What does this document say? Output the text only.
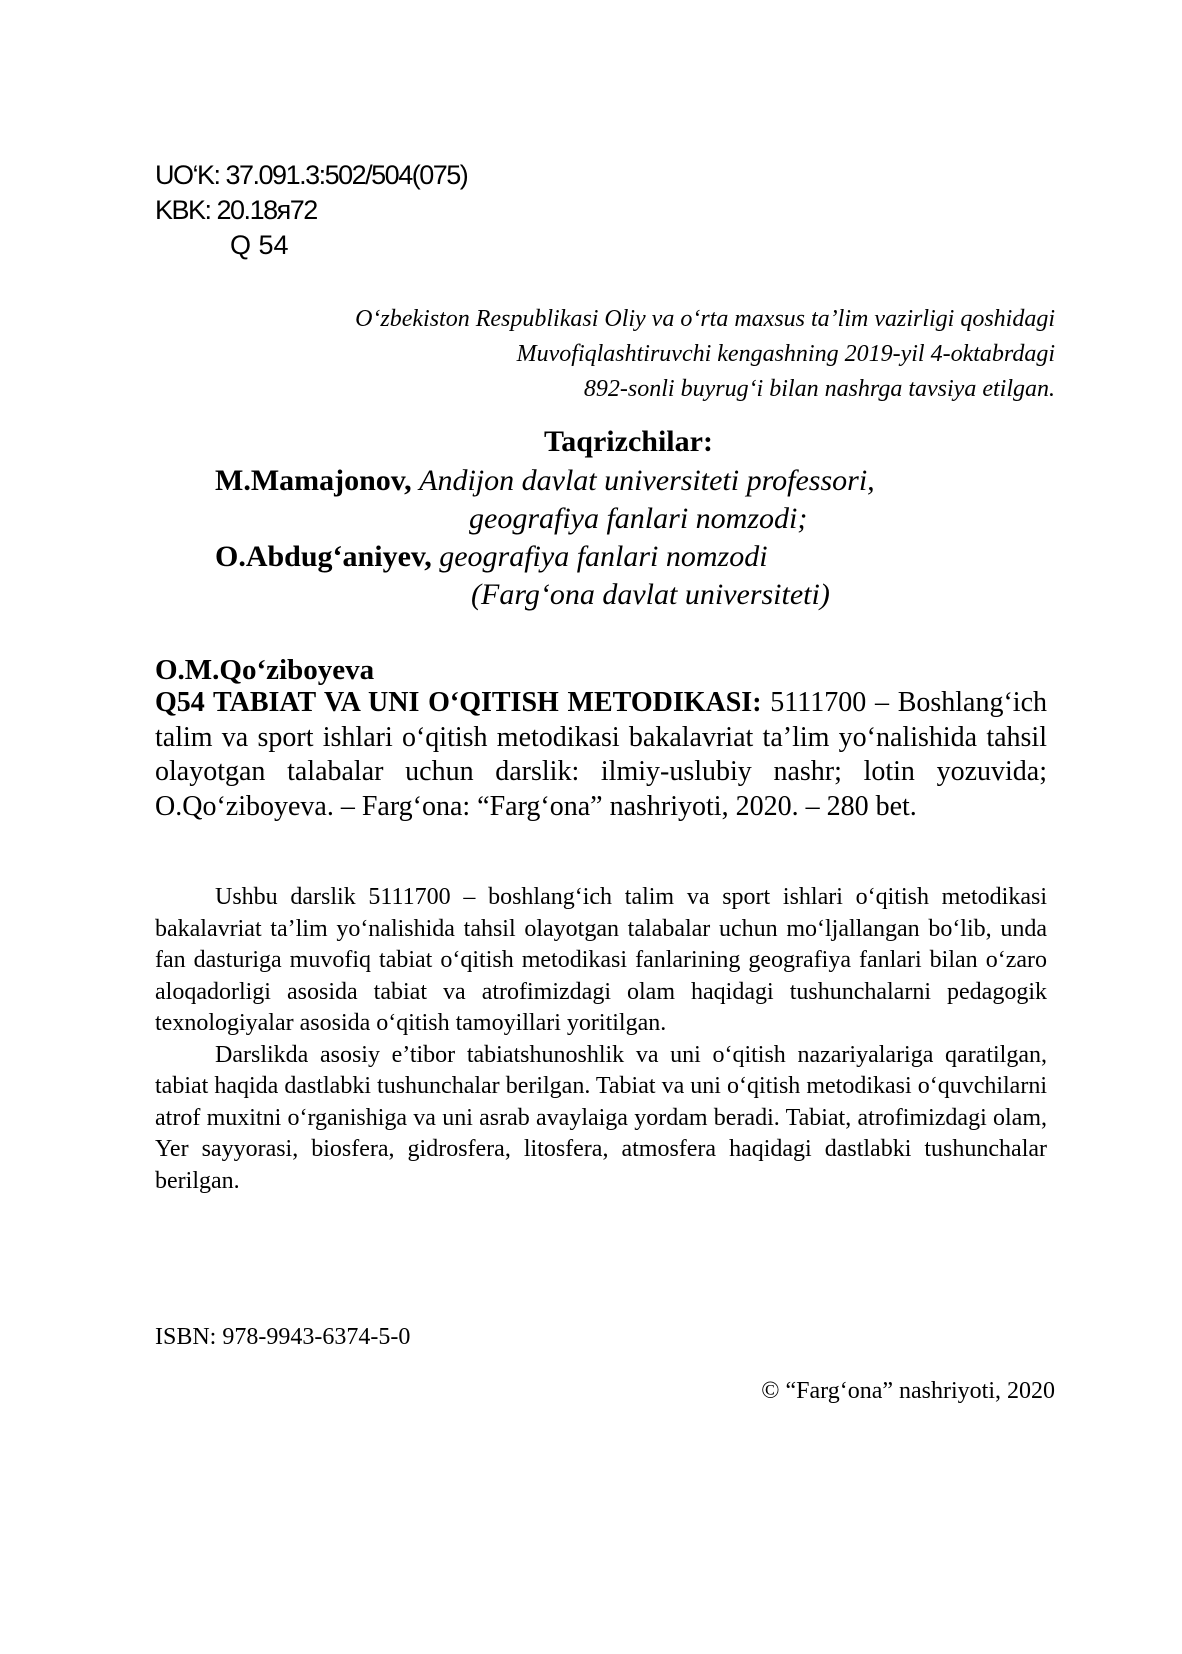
UO‘K: 37.091.3:502/504(075)
KBK: 20.18я72
Q 54
O‘zbekiston Respublikasi Oliy va o‘rta maxsus ta’lim vazirligi qoshidagi
Muvofiqlashtiruvchi kengashning 2019-yil 4-oktabrdagi
892-sonli buyrug‘i bilan nashrga tavsiya etilgan.
Taqrizchilar:
M.Mamajonov, Andijon davlat universiteti professori,
geografiya fanlari nomzodi;
O.Abdug‘aniyev, geografiya fanlari nomzodi
(Farg‘ona davlat universiteti)
O.M.Qo‘ziboyeva
Q54 TABIAT VA UNI O‘QITISH METODIKASI: 5111700 – Boshlang‘ich talim va sport ishlari o‘qitish metodikasi bakalavriat ta’lim yo‘nalishida tahsil olayotgan talabalar uchun darslik: ilmiy-uslubiy nashr; lotin yozuvida; O.Qo‘ziboyeva. – Farg‘ona: “Farg‘ona” nashriyoti, 2020. – 280 bet.

Ushbu darslik 5111700 – boshlang‘ich talim va sport ishlari o‘qitish metodikasi bakalavriat ta’lim yo‘nalishida tahsil olayotgan talabalar uchun mo‘ljallangan bo‘lib, unda fan dasturiga muvofiq tabiat o‘qitish metodikasi fanlarining geografiya fanlari bilan o‘zaro aloqadorligi asosida tabiat va atrofimizdagi olam haqidagi tushunchalarni pedagogik texnologiyalar asosida o‘qitish tamoyillari yoritilgan.

Darslikda asosiy e’tibor tabiatshunoshlik va uni o‘qitish nazariyalariga qaratilgan, tabiat haqida dastlabki tushunchalar berilgan. Tabiat va uni o‘qitish metodikasi o‘quvchilarni atrof muxitni o‘rganishiga va uni asrab avaylaiga yordam beradi. Tabiat, atrofimizdagi olam, Yer sayyorasi, biosfera, gidrosfera, litosfera, atmosfera haqidagi dastlabki tushunchalar berilgan.

ISBN: 978-9943-6374-5-0
© “Farg‘ona” nashriyoti, 2020
